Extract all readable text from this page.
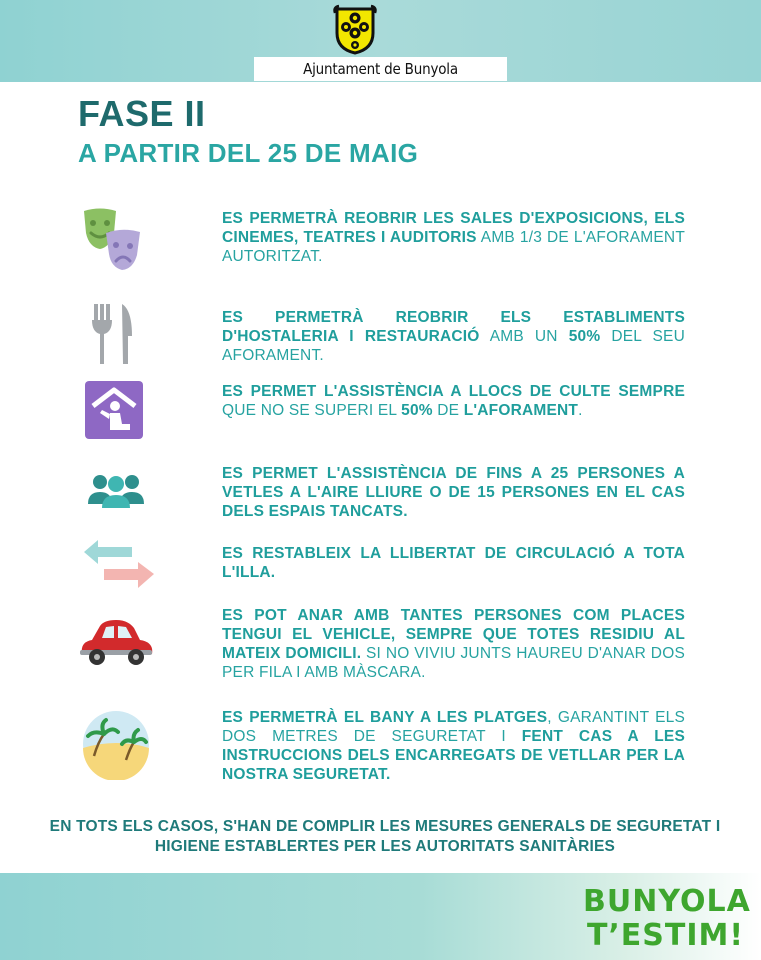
Ajuntament de Bunyola
FASE II
A PARTIR DEL 25 DE MAIG
ES PERMETRÀ REOBRIR LES SALES D'EXPOSICIONS, ELS CINEMES, TEATRES I AUDITORIS AMB 1/3 DE L'AFORAMENT AUTORITZAT.
ES PERMETRÀ REOBRIR ELS ESTABLIMENTS D'HOSTALERIA I RESTAURACIÓ AMB UN 50% DEL SEU AFORAMENT.
ES PERMET L'ASSISTÈNCIA A LLOCS DE CULTE SEMPRE QUE NO SE SUPERI EL 50% DE L'AFORAMENT.
ES PERMET L'ASSISTÈNCIA DE FINS A 25 PERSONES A VETLES A L'AIRE LLIURE O DE 15 PERSONES EN EL CAS DELS ESPAIS TANCATS.
ES RESTABLEIX LA LLIBERTAT DE CIRCULACIÓ A TOTA L'ILLA.
ES POT ANAR AMB TANTES PERSONES COM PLACES TENGUI EL VEHICLE, SEMPRE QUE TOTES RESIDIU AL MATEIX DOMICILI. SI NO VIVIU JUNTS HAUREU D'ANAR DOS PER FILA I AMB MÀSCARA.
ES PERMETRÀ EL BANY A LES PLATGES, GARANTINT ELS DOS METRES DE SEGURETAT I FENT CAS A LES INSTRUCCIONS DELS ENCARREGATS DE VETLLAR PER LA NOSTRA SEGURETAT.
EN TOTS ELS CASOS, S'HAN DE COMPLIR LES MESURES GENERALS DE SEGURETAT I HIGIENE ESTABLERTES PER LES AUTORITATS SANITÀRIES
BUNYOLA
T’ESTIM!
